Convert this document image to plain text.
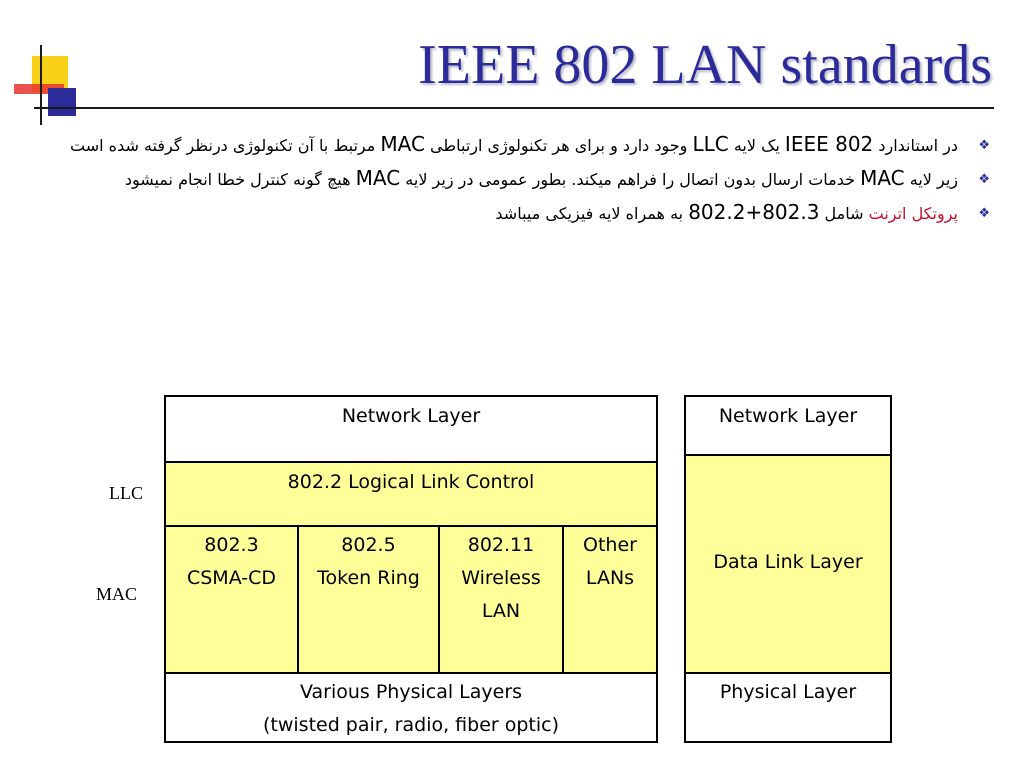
IEEE 802 LAN standards
❖
در استاندارد IEEE 802 یک لایه LLC وجود دارد و برای هر تکنولوژی ارتباطی MAC مرتبط با آن تکنولوژی درنظر گرفته شده است
❖
زیر لایه MAC خدمات ارسال بدون اتصال را فراهم میکند. بطور عمومی در زیر لایه MAC هیچ گونه کنترل خطا انجام نمیشود
❖
پروتکل اترنت شامل 802.2+802.3 به همراه لایه فیزیکی میباشد
LLC
MAC
Network Layer
802.2 Logical Link Control
802.3
CSMA-CD
802.5
Token Ring
802.11
Wireless
LAN
Other
LANs
Various Physical Layers
(twisted pair, radio, fiber optic)
Network Layer
Data Link Layer
Physical Layer
